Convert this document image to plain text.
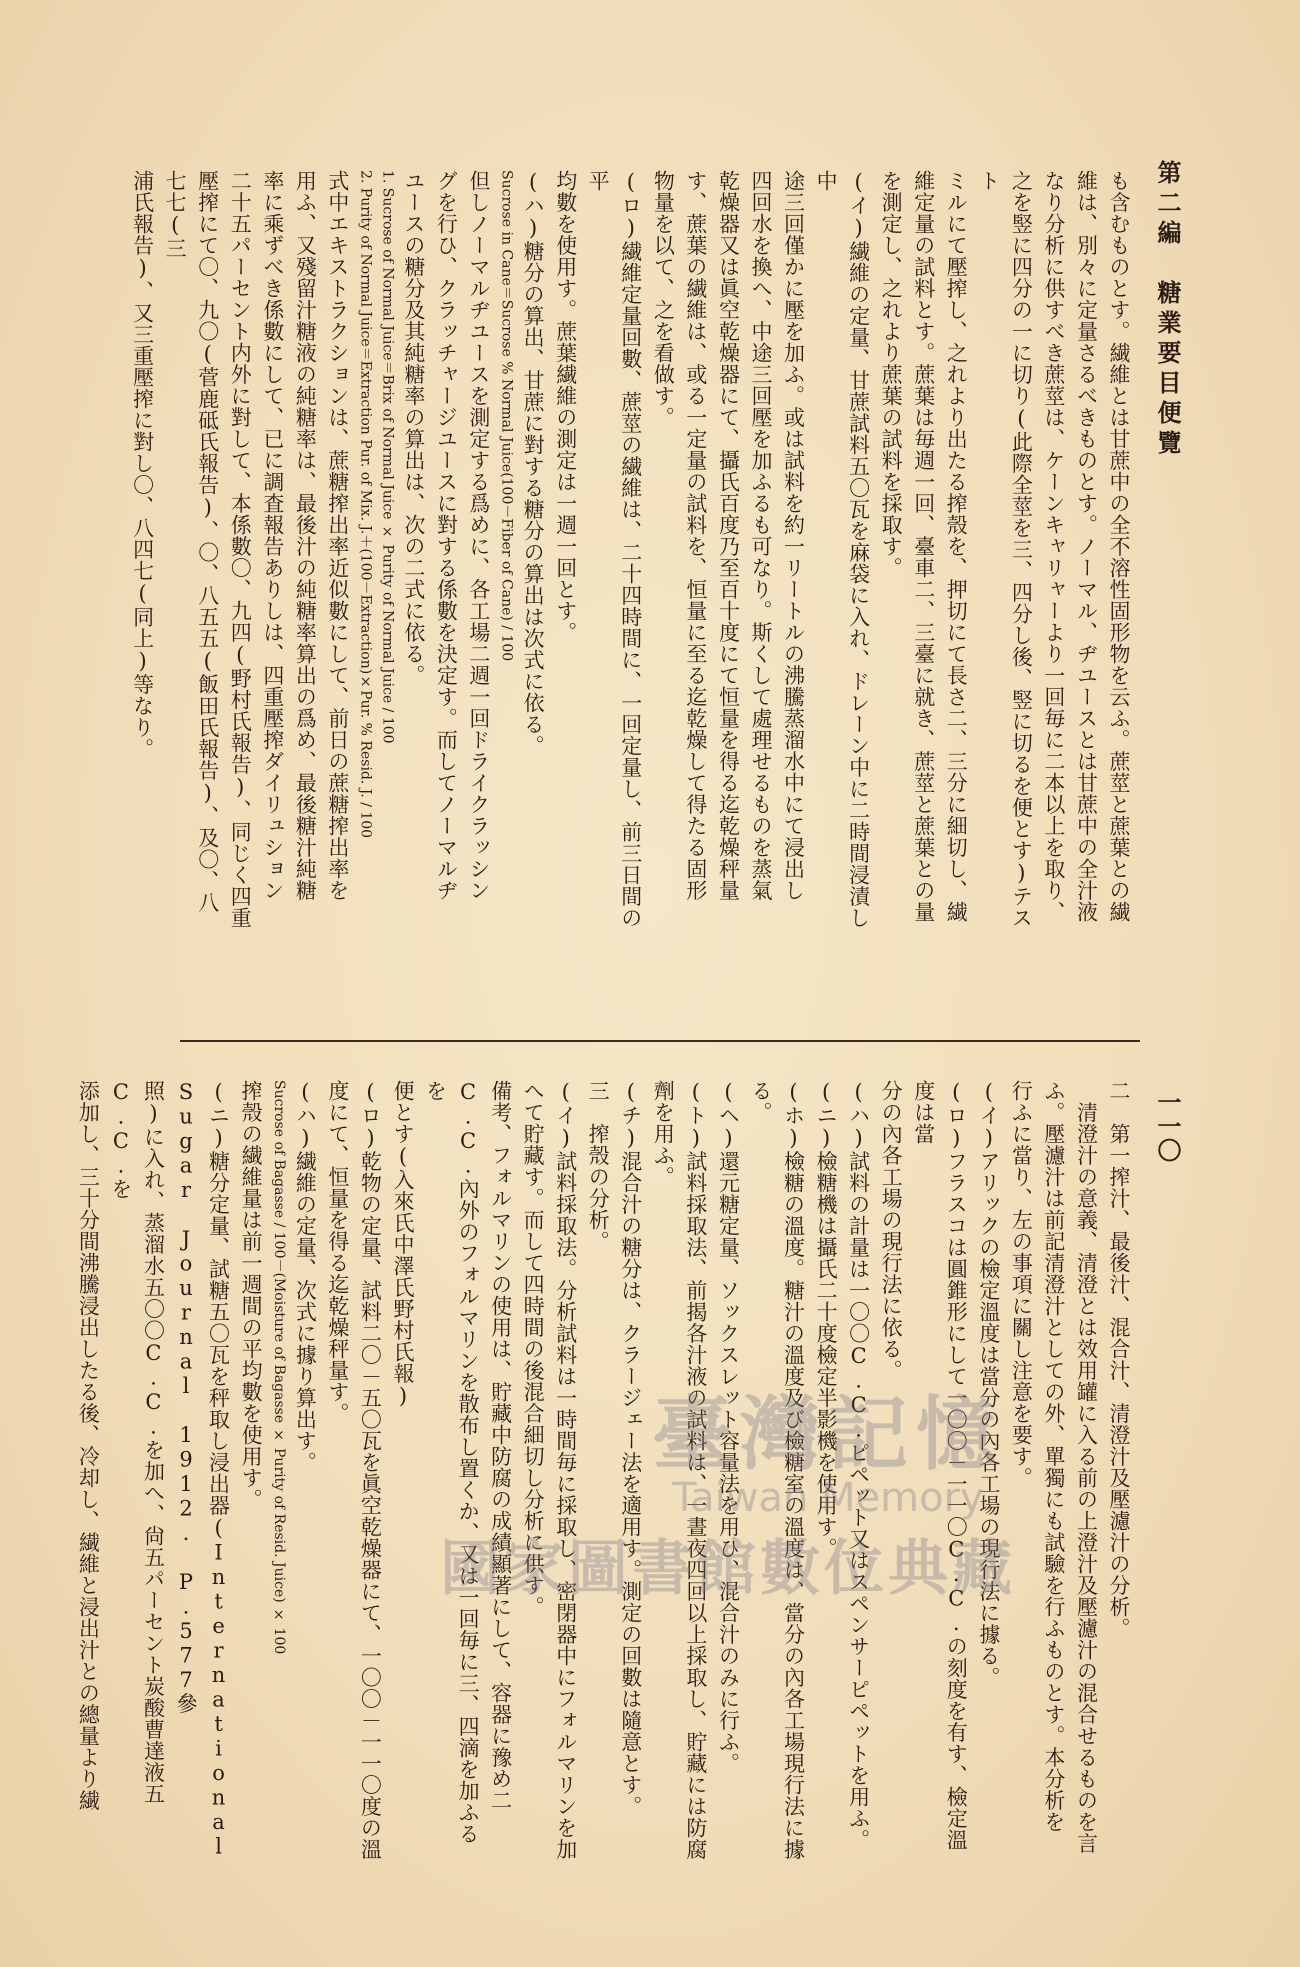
第二編　糖業要目便覽
一一〇
も含むものとす。繊維とは甘蔗中の全不溶性固形物を云ふ。蔗莖と蔗葉との繊
維は、別々に定量さるべきものとす。ノーマル、ヂユースとは甘蔗中の全汁液
なり分析に供すべき蔗莖は、ケーンキャリャーより一回毎に二本以上を取り、
之を竪に四分の一に切り(此際全莖を三、四分し後、竪に切るを便とす)テスト
ミルにて壓搾し、之れより出たる搾殼を、押切にて長さ二、三分に細切し、繊
維定量の試料とす。蔗葉は毎週一回、臺車二、三臺に就き、蔗莖と蔗葉との量
を測定し、之れより蔗葉の試料を採取す。
(イ)繊維の定量、甘蔗試料五〇瓦を麻袋に入れ、ドレーン中に二時間浸漬し中
途三回僅かに壓を加ふ。或は試料を約一リートルの沸騰蒸溜水中にて浸出し
四回水を換へ、中途三回壓を加ふるも可なり。斯くして處理せるものを蒸氣
乾燥器又は眞空乾燥器にて、攝氏百度乃至百十度にて恒量を得る迄乾燥秤量
す、蔗葉の繊維は、或る一定量の試料を、恒量に至る迄乾燥して得たる固形
物量を以て、之を看做す。
(ロ)繊維定量回數、蔗莖の繊維は、二十四時間に、一回定量し、前三日間の平
均數を使用す。蔗葉繊維の測定は一週一回とす。
(ハ)糖分の算出、甘蔗に對する糖分の算出は次式に依る。
Sucrose in Cane＝Sucrose % Normal Juice(100－Fiber of Cane) / 100
但しノーマルヂユースを測定する爲めに、各工場二週一回ドライクラッシン
グを行ひ、クラッチャージユースに對する係數を決定す。而してノーマルヂ
ユースの糖分及其純糖率の算出は、次の二式に依る。
1. Sucrose of Normal Juice＝Brix of Normal Juice × Purity of Normal Juice / 100
2. Purity of Normal Juice＝Extraction Pur. of Mix. J.＋(100－Extraction)×Pur. % Resid. J. / 100
式中エキストラクションは、蔗糖搾出率近似數にして、前日の蔗糖搾出率を
用ふ、又殘留汁糖液の純糖率は、最後汁の純糖率算出の爲め、最後糖汁純糖
率に乘ずべき係數にして、已に調査報告ありしは、四重壓搾ダイリュション
二十五パーセント内外に對して、本係數〇、九四(野村氏報告)、同じく四重
壓搾にて〇、九〇(菅鹿砥氏報告)、〇、八五五(飯田氏報告)、及〇、八七七(三
浦氏報告)、又三重壓搾に對し〇、八四七(同上)等なり。
二　第一搾汁、最後汁、混合汁、清澄汁及壓濾汁の分析。
　清澄汁の意義、清澄とは效用罐に入る前の上澄汁及壓濾汁の混合せるものを言
ふ。壓濾汁は前記清澄汁としての外、單獨にも試驗を行ふものとす。本分析を
行ふに當り、左の事項に關し注意を要す。
(イ)アリックの檢定溫度は當分の內各工場の現行法に據る。
(ロ)フラスコは圓錐形にして一〇〇－一一〇C.C.の刻度を有す、檢定溫度は當
分の內各工場の現行法に依る。
(ハ)試料の計量は一〇〇C.C.ピペット又はスペンサーピペットを用ふ。
(ニ)檢糖機は攝氏二十度檢定半影機を使用す。
(ホ)檢糖の溫度。糖汁の溫度及び檢糖室の溫度は、當分の內各工場現行法に據
る。
(ヘ)還元糖定量、ソックスレット容量法を用ひ、混合汁のみに行ふ。
(ト)試料採取法、前揭各汁液の試料は、一晝夜四回以上採取し、貯藏には防腐
劑を用ふ。
(チ)混合汁の糖分は、クラージェー法を適用す。測定の回數は隨意とす。
三　搾殼の分析。
(イ)試料採取法。分析試料は一時間毎に採取し、密閉器中にフォルマリンを加
へて貯藏す。而して四時間の後混合細切し分析に供す。
備考、フォルマリンの使用は、貯藏中防腐の成績顯著にして、容器に豫め二
C.C.內外のフォルマリンを散布し置くか、又は一回毎に三、四滴を加ふるを
便とす(入來氏中澤氏野村氏報)
(ロ)乾物の定量、試料二〇－五〇瓦を眞空乾燥器にて、一〇〇－一一〇度の溫
度にて、恒量を得る迄乾燥秤量す。
(ハ)繊維の定量、次式に據り算出す。
Sucrose of Bagasse / 100－(Moisture of Bagasse × Purity of Resid. Juice) × 100
搾殼の繊維量は前一週間の平均數を使用す。
(ニ)糖分定量、試糖五〇瓦を秤取し浸出器(International Sugar Journal 1912. P.577參
照)に入れ、蒸溜水五〇〇C.C.を加へ、尙五パーセント炭酸曹達液五C.C.を
添加し、三十分間沸騰浸出したる後、冷却し、繊維と浸出汁との總量より繊	臺灣記憶
Taiwan Memory
國家圖書館數位典藏
